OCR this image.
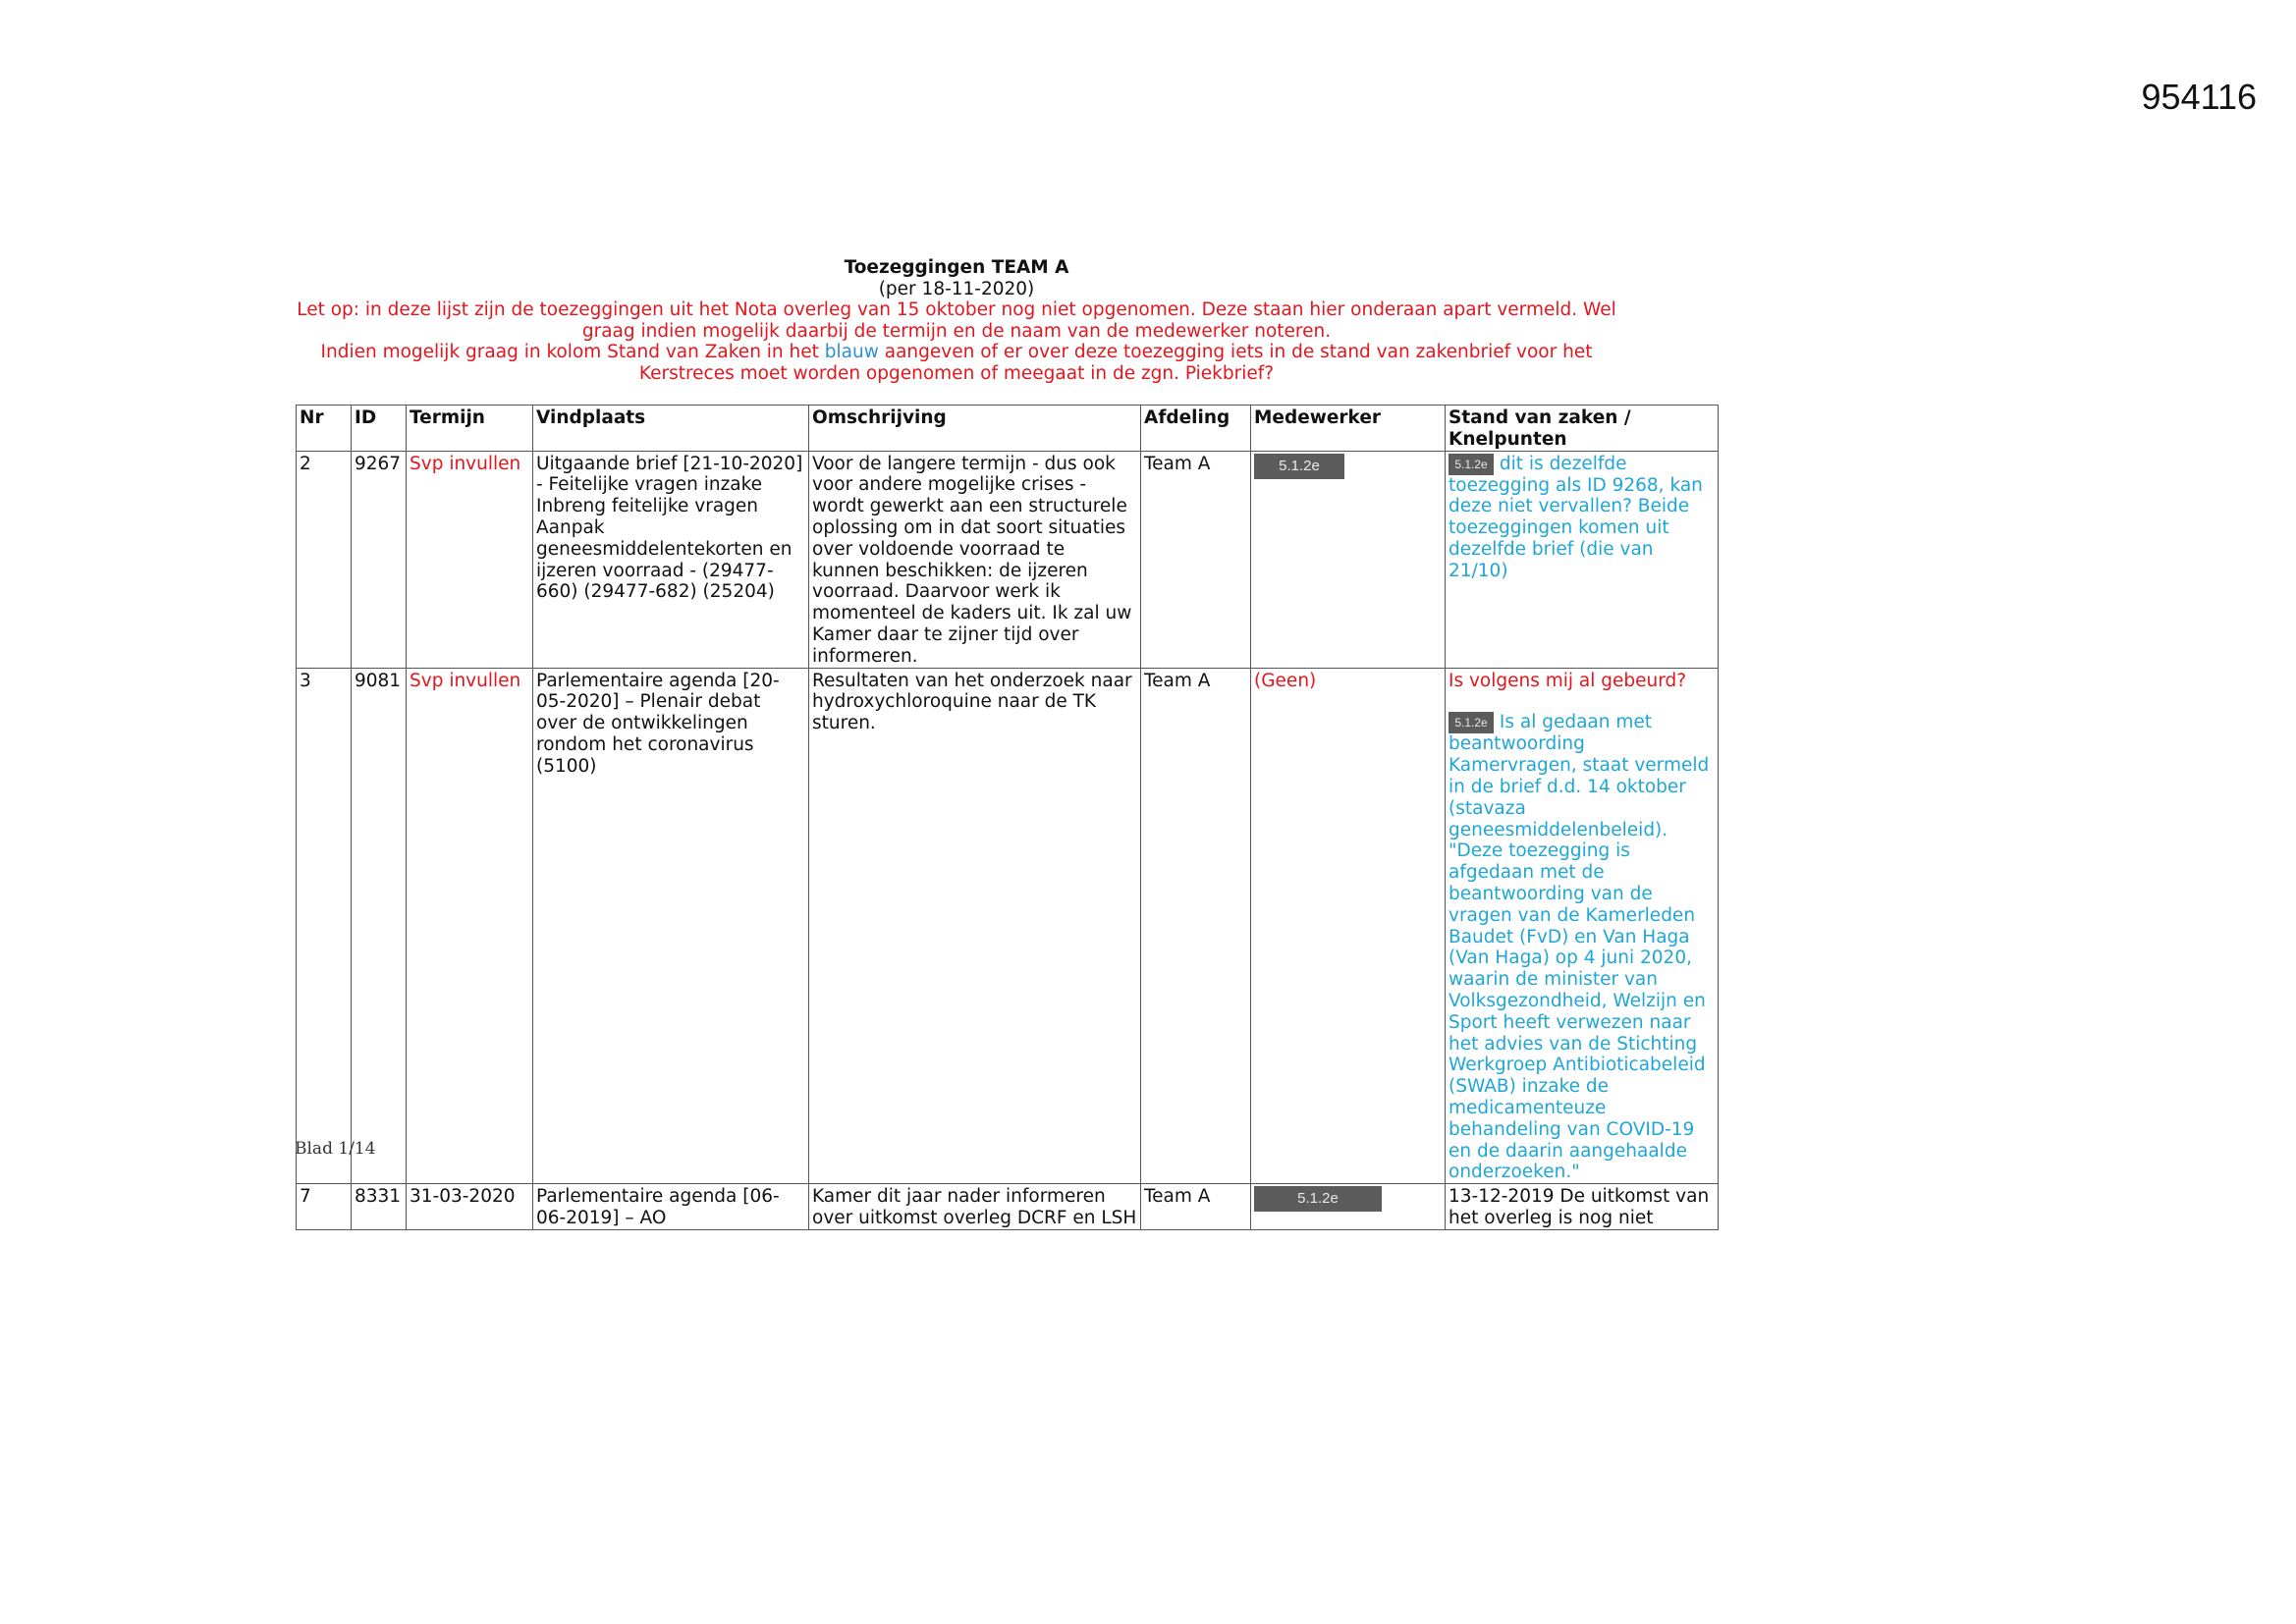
954116
Toezeggingen TEAM A
(per 18-11-2020)
Let op: in deze lijst zijn de toezeggingen uit het Nota overleg van 15 oktober nog niet opgenomen. Deze staan hier onderaan apart vermeld. Wel
graag indien mogelijk daarbij de termijn en de naam van de medewerker noteren.
Indien mogelijk graag in kolom Stand van Zaken in het blauw aangeven of er over deze toezegging iets in de stand van zakenbrief voor het
Kerstreces moet worden opgenomen of meegaat in de zgn. Piekbrief?
Nr	ID	Termijn	Vindplaats	Omschrijving	Afdeling	Medewerker	Stand van zaken / Knelpunten
2	9267	Svp invullen	Uitgaande brief [21-10-2020] - Feitelijke vragen inzake Inbreng feitelijke vragen Aanpak geneesmiddelentekorten en ijzeren voorraad - (29477-660) (29477-682) (25204)	Voor de langere termijn - dus ook voor andere mogelijke crises - wordt gewerkt aan een structurele oplossing om in dat soort situaties over voldoende voorraad te kunnen beschikken: de ijzeren voorraad. Daarvoor werk ik momenteel de kaders uit. Ik zal uw Kamer daar te zijner tijd over informeren.	Team A	5.1.2e	5.1.2e dit is dezelfde toezegging als ID 9268, kan deze niet vervallen? Beide toezeggingen komen uit dezelfde brief (die van 21/10)
3	9081	Svp invullen	Parlementaire agenda [20-05-2020] – Plenair debat over de ontwikkelingen rondom het coronavirus (5100)	Resultaten van het onderzoek naar hydroxychloroquine naar de TK sturen.	Team A	(Geen)	Is volgens mij al gebeurd?
5.1.2e Is al gedaan met beantwoording Kamervragen, staat vermeld in de brief d.d. 14 oktober (stavaza geneesmiddelenbeleid).
"Deze toezegging is afgedaan met de beantwoording van de vragen van de Kamerleden Baudet (FvD) en Van Haga (Van Haga) op 4 juni 2020, waarin de minister van Volksgezondheid, Welzijn en Sport heeft verwezen naar het advies van de Stichting Werkgroep Antibioticabeleid (SWAB) inzake de medicamenteuze behandeling van COVID-19 en de daarin aangehaalde onderzoeken."

7	8331	31-03-2020	Parlementaire agenda [06-06-2019] – AO	Kamer dit jaar nader informeren over uitkomst overleg DCRF en LSH	Team A	5.1.2e	13-12-2019 De uitkomst van het overleg is nog niet
Blad 1/14
